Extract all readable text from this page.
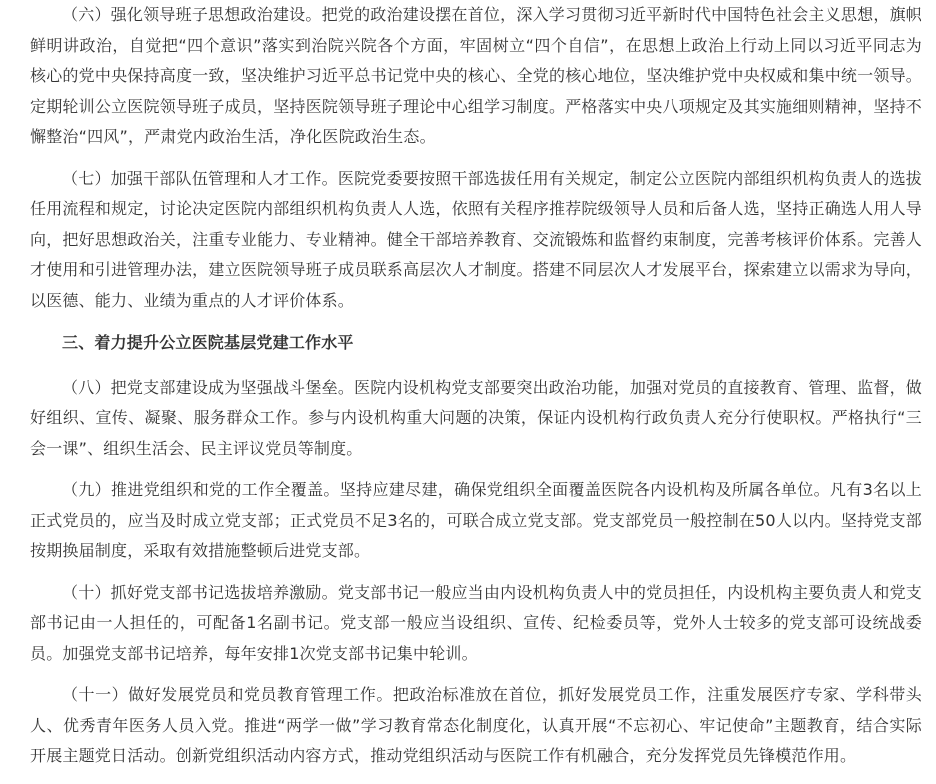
（六）强化领导班子思想政治建设。把党的政治建设摆在首位，深入学习贯彻习近平新时代中国特色社会主义思想，旗帜鲜明讲政治，自觉把“四个意识”落实到治院兴院各个方面，牢固树立“四个自信”，在思想上政治上行动上同以习近平同志为核心的党中央保持高度一致，坚决维护习近平总书记党中央的核心、全党的核心地位，坚决维护党中央权威和集中统一领导。定期轮训公立医院领导班子成员，坚持医院领导班子理论中心组学习制度。严格落实中央八项规定及其实施细则精神，坚持不懈整治“四风”，严肃党内政治生活，净化医院政治生态。

（七）加强干部队伍管理和人才工作。医院党委要按照干部选拔任用有关规定，制定公立医院内部组织机构负责人的选拔任用流程和规定，讨论决定医院内部组织机构负责人人选，依照有关程序推荐院级领导人员和后备人选，坚持正确选人用人导向，把好思想政治关，注重专业能力、专业精神。健全干部培养教育、交流锻炼和监督约束制度，完善考核评价体系。完善人才使用和引进管理办法，建立医院领导班子成员联系高层次人才制度。搭建不同层次人才发展平台，探索建立以需求为导向，以医德、能力、业绩为重点的人才评价体系。

三、着力提升公立医院基层党建工作水平

（八）把党支部建设成为坚强战斗堡垒。医院内设机构党支部要突出政治功能，加强对党员的直接教育、管理、监督，做好组织、宣传、凝聚、服务群众工作。参与内设机构重大问题的决策，保证内设机构行政负责人充分行使职权。严格执行“三会一课”、组织生活会、民主评议党员等制度。

（九）推进党组织和党的工作全覆盖。坚持应建尽建，确保党组织全面覆盖医院各内设机构及所属各单位。凡有3名以上正式党员的，应当及时成立党支部；正式党员不足3名的，可联合成立党支部。党支部党员一般控制在50人以内。坚持党支部按期换届制度，采取有效措施整顿后进党支部。

（十）抓好党支部书记选拔培养激励。党支部书记一般应当由内设机构负责人中的党员担任，内设机构主要负责人和党支部书记由一人担任的，可配备1名副书记。党支部一般应当设组织、宣传、纪检委员等，党外人士较多的党支部可设统战委员。加强党支部书记培养，每年安排1次党支部书记集中轮训。

（十一）做好发展党员和党员教育管理工作。把政治标准放在首位，抓好发展党员工作，注重发展医疗专家、学科带头人、优秀青年医务人员入党。推进“两学一做”学习教育常态化制度化，认真开展“不忘初心、牢记使命”主题教育，结合实际开展主题党日活动。创新党组织活动内容方式，推动党组织活动与医院工作有机融合，充分发挥党员先锋模范作用。
